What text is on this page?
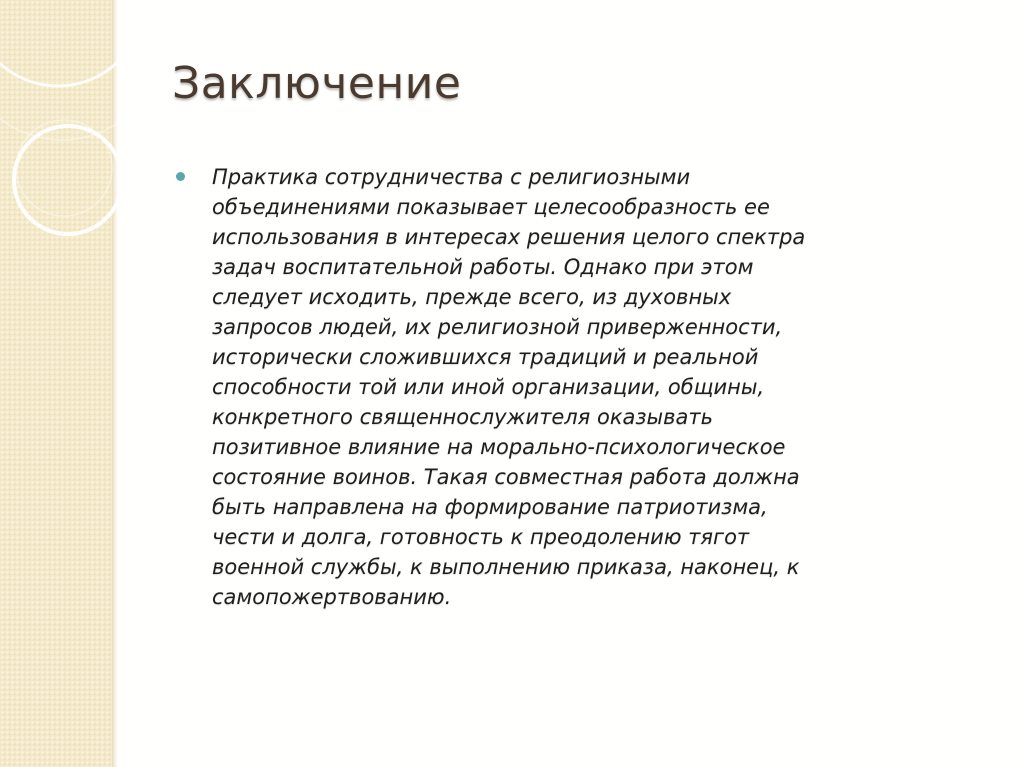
Заключение

Практика сотрудничества с религиозными
объединениями показывает целесообразность ее
использования в интересах решения целого спектра
задач воспитательной работы. Однако при этом
следует исходить, прежде всего, из духовных
запросов людей, их религиозной приверженности,
исторически сложившихся традиций и реальной
способности той или иной организации, общины,
конкретного священнослужителя оказывать
позитивное влияние на морально-психологическое
состояние воинов. Такая совместная работа должна
быть направлена на формирование патриотизма,
чести и долга, готовность к преодолению тягот
военной службы, к выполнению приказа, наконец, к
самопожертвованию.
